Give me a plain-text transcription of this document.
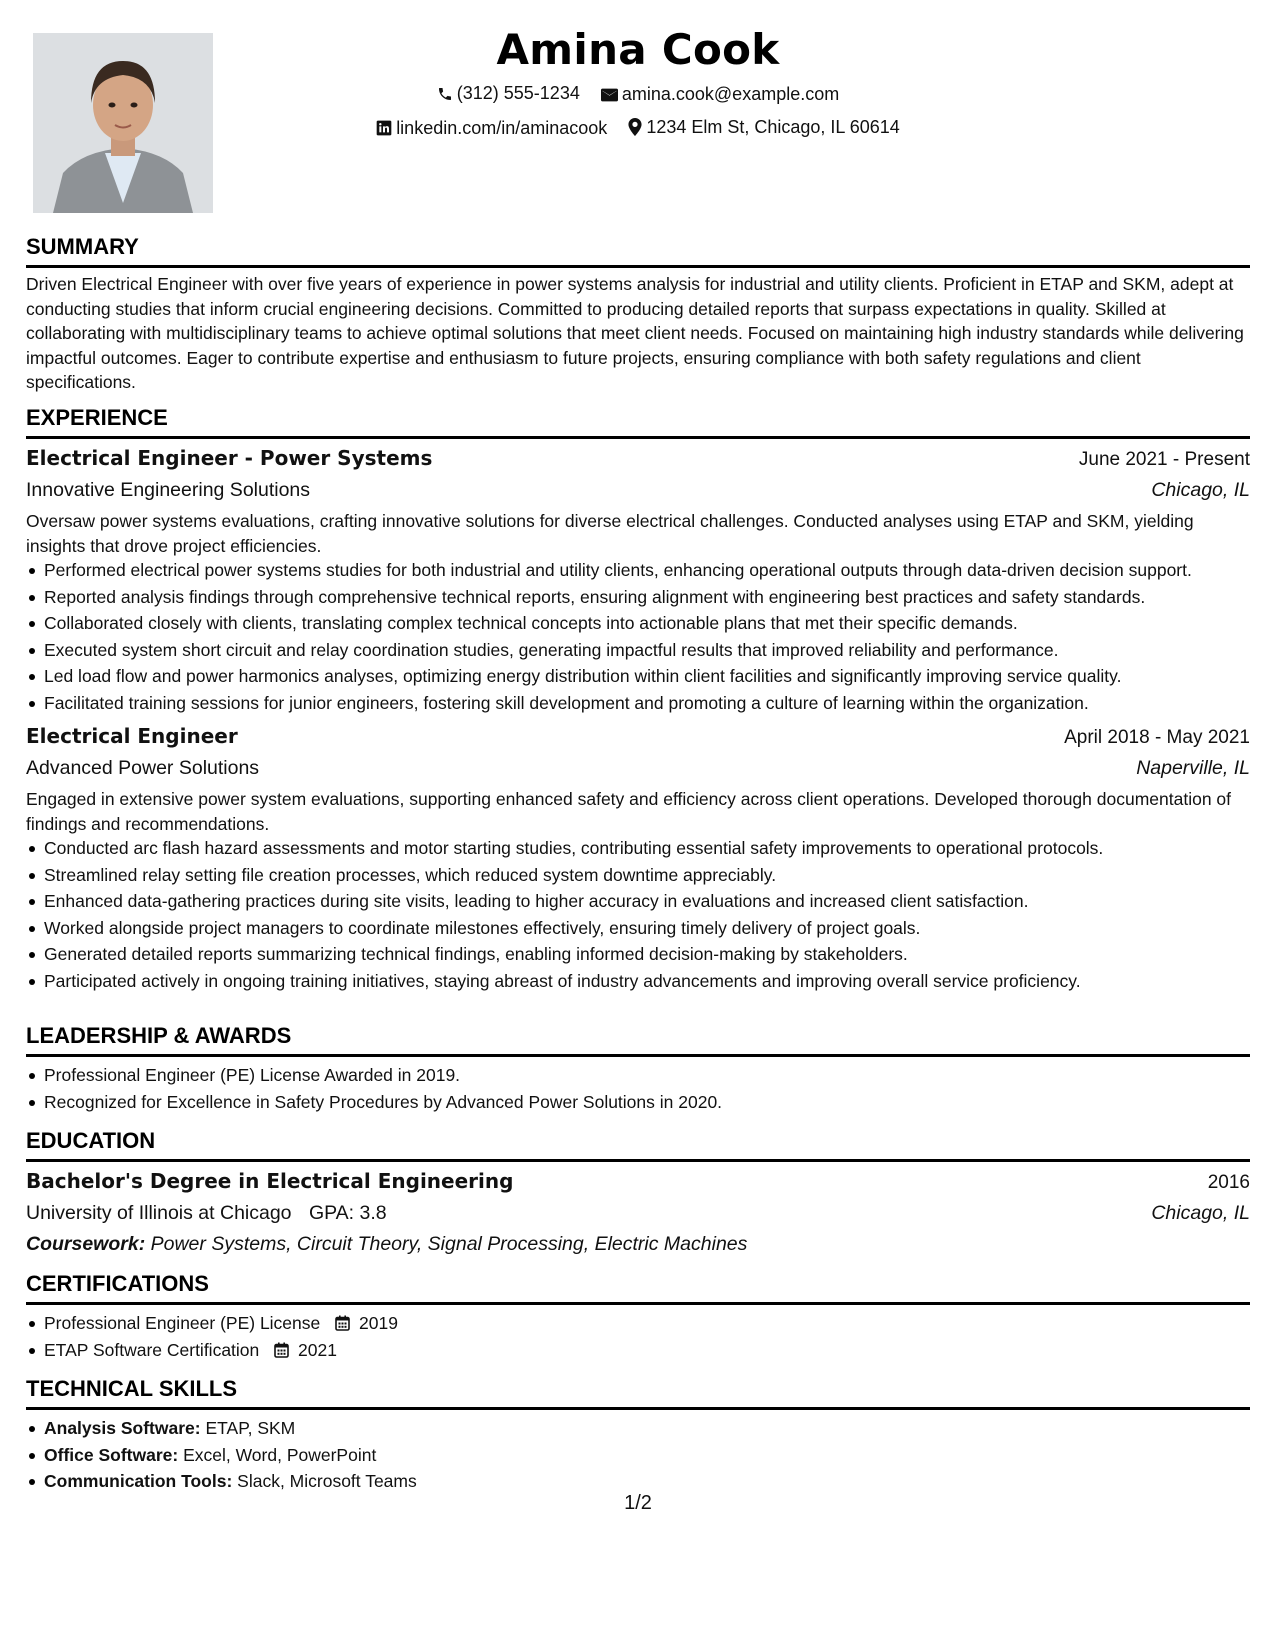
Amina Cook
(312) 555-1234
amina.cook@example.com
linkedin.com/in/aminacook
1234 Elm St, Chicago, IL 60614
SUMMARY

Driven Electrical Engineer with over five years of experience in power systems analysis for industrial and utility clients. Proficient in ETAP and SKM, adept at conducting studies that inform crucial engineering decisions. Committed to producing detailed reports that surpass expectations in quality. Skilled at collaborating with multidisciplinary teams to achieve optimal solutions that meet client needs. Focused on maintaining high industry standards while delivering impactful outcomes. Eager to contribute expertise and enthusiasm to future projects, ensuring compliance with both safety regulations and client specifications.

EXPERIENCE
Electrical Engineer - Power Systems	June 2021 - Present
Innovative Engineering Solutions	Chicago, IL

Oversaw power systems evaluations, crafting innovative solutions for diverse electrical challenges. Conducted analyses using ETAP and SKM, yielding insights that drove project efficiencies.

Performed electrical power systems studies for both industrial and utility clients, enhancing operational outputs through data-driven decision support.
Reported analysis findings through comprehensive technical reports, ensuring alignment with engineering best practices and safety standards.
Collaborated closely with clients, translating complex technical concepts into actionable plans that met their specific demands.
Executed system short circuit and relay coordination studies, generating impactful results that improved reliability and performance.
Led load flow and power harmonics analyses, optimizing energy distribution within client facilities and significantly improving service quality.
Facilitated training sessions for junior engineers, fostering skill development and promoting a culture of learning within the organization.
Electrical Engineer	April 2018 - May 2021
Advanced Power Solutions	Naperville, IL

Engaged in extensive power system evaluations, supporting enhanced safety and efficiency across client operations. Developed thorough documentation of findings and recommendations.

Conducted arc flash hazard assessments and motor starting studies, contributing essential safety improvements to operational protocols.
Streamlined relay setting file creation processes, which reduced system downtime appreciably.
Enhanced data-gathering practices during site visits, leading to higher accuracy in evaluations and increased client satisfaction.
Worked alongside project managers to coordinate milestones effectively, ensuring timely delivery of project goals.
Generated detailed reports summarizing technical findings, enabling informed decision-making by stakeholders.
Participated actively in ongoing training initiatives, staying abreast of industry advancements and improving overall service proficiency.
LEADERSHIP & AWARDS
Professional Engineer (PE) License Awarded in 2019.
Recognized for Excellence in Safety Procedures by Advanced Power Solutions in 2020.
EDUCATION
Bachelor's Degree in Electrical Engineering	2016
University of Illinois at Chicago GPA: 3.8	Chicago, IL
Coursework: Power Systems, Circuit Theory, Signal Processing, Electric Machines
CERTIFICATIONS
Professional Engineer (PE) License 2019
ETAP Software Certification 2021
TECHNICAL SKILLS
Analysis Software: ETAP, SKM
Office Software: Excel, Word, PowerPoint
Communication Tools: Slack, Microsoft Teams
1/2
